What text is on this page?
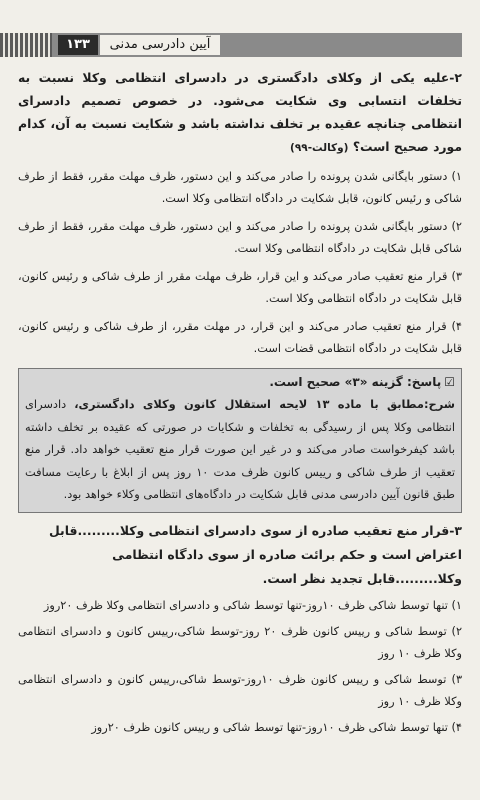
۱۳۳	آیین دادرسی مدنی
۲-علیه یکی از وکلای دادگستری در دادسرای انتظامی وکلا نسبت به تخلفات انتسابی وی شکایت می‌شود. در خصوص تصمیم دادسرای انتظامی چنانچه عقیده بر تخلف نداشته باشد و شکایت نسبت به آن، کدام مورد صحیح است؟ (وکالت-۹۹)
۱) دستور بایگانی شدن پرونده را صادر می‌کند و این دستور، ظرف مهلت مقرر، فقط از طرف شاکی و رئیس کانون، قابل شکایت در دادگاه انتظامی وکلا است.
۲) دستور بایگانی شدن پرونده را صادر می‌کند و این دستور، ظرف مهلت مقرر، فقط از طرف شاکی قابل شکایت در دادگاه انتظامی وکلا است.
۳) قرار منع تعقیب صادر می‌کند و این قرار، ظرف مهلت مقرر از طرف شاکی و رئیس کانون، قابل شکایت در دادگاه انتظامی وکلا است.
۴) قرار منع تعقیب صادر می‌کند و این قرار، در مهلت مقرر، از طرف شاکی و رئیس کانون، قابل شکایت در دادگاه انتظامی قضات است.
☑پاسخ: گزینه «۳» صحیح است.
شرح:مطابق با ماده ۱۳ لایحه استقلال کانون وکلای دادگستری، دادسرای انتظامی وکلا پس از رسیدگی به تخلفات و شکایات در صورتی که عقیده بر تخلف داشته باشد کیفرخواست صادر می‌کند و در غیر این صورت قرار منع تعقیب خواهد داد. قرار منع تعقیب از طرف شاکی و رییس کانون ظرف مدت ۱۰ روز پس از ابلاغ با رعایت مسافت طبق قانون آیین دادرسی مدنی قابل شکایت در دادگاه‌های انتظامی وکلاء خواهد بود.
۳-قرار منع تعقیب صادره از سوی دادسرای انتظامی وکلا.........قابل اعتراض است و حکم برائت صادره از سوی دادگاه انتظامی وکلا.........قابل تجدید نظر است.
۱) تنها توسط شاکی ظرف ۱۰روز-تنها توسط شاکی و دادسرای انتظامی وکلا ظرف ۲۰روز
۲) توسط شاکی و رییس کانون ظرف ۲۰ روز-توسط شاکی،رییس کانون و دادسرای انتظامی وکلا ظرف ۱۰ روز
۳) توسط شاکی و رییس کانون ظرف ۱۰روز-توسط شاکی،رییس کانون و دادسرای انتظامی وکلا ظرف ۱۰ روز
۴) تنها توسط شاکی ظرف ۱۰روز-تنها توسط شاکی و رییس کانون ظرف ۲۰روز
